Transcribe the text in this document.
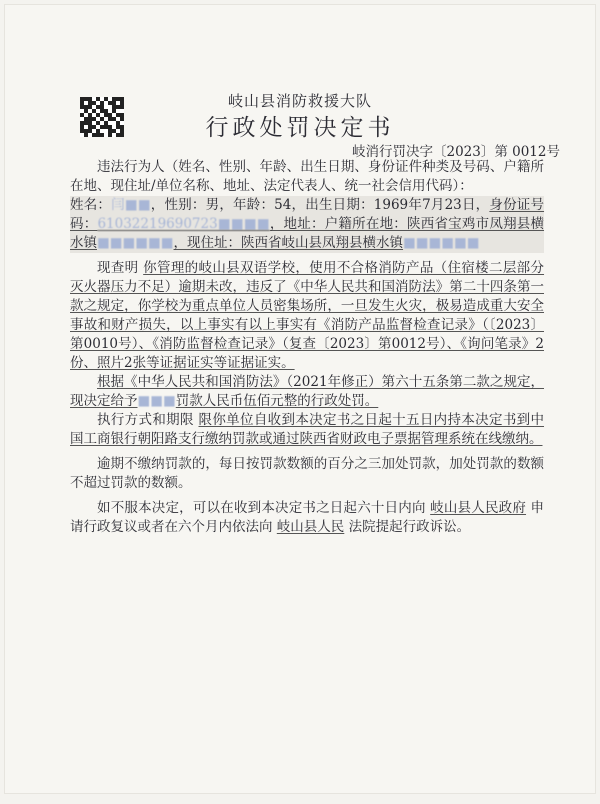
岐山县消防救援大队
行政处罚决定书
岐消行罚决字〔2023〕第 0012号

违法行为人（姓名、性别、年龄、出生日期、身份证件种类及号码、户籍所在地、现住址/单位名称、地址、法定代表人、统一社会信用代码）：

姓名：闫■■，性别：男，年龄：54，出生日期：1969年7月23日，身份证号码：61032219690723■■■■，地址：户籍所在地：陕西省宝鸡市凤翔县横水镇■■■■■■，现住址：陕西省岐山县凤翔县横水镇■■■■■■

现查明 你管理的岐山县双语学校，使用不合格消防产品（住宿楼二层部分灭火器压力不足）逾期未改，违反了《中华人民共和国消防法》第二十四条第一款之规定，你学校为重点单位人员密集场所，一旦发生火灾，极易造成重大安全事故和财产损失，以上事实有以上事实有《消防产品监督检查记录》（〔2023〕第0010号）、《消防监督检查记录》（复查〔2023〕第0012号）、《询问笔录》2份、照片2张等证据证实等证据证实。

根据《中华人民共和国消防法》（2021年修正）第六十五条第二款之规定，现决定给予■■■罚款人民币伍佰元整的行政处罚。

执行方式和期限 限你单位自收到本决定书之日起十五日内持本决定书到中国工商银行朝阳路支行缴纳罚款或通过陕西省财政电子票据管理系统在线缴纳。

逾期不缴纳罚款的，每日按罚款数额的百分之三加处罚款，加处罚款的数额不超过罚款的数额。

如不服本决定，可以在收到本决定书之日起六十日内向 岐山县人民政府 申请行政复议或者在六个月内依法向 岐山县人民 法院提起行政诉讼。
